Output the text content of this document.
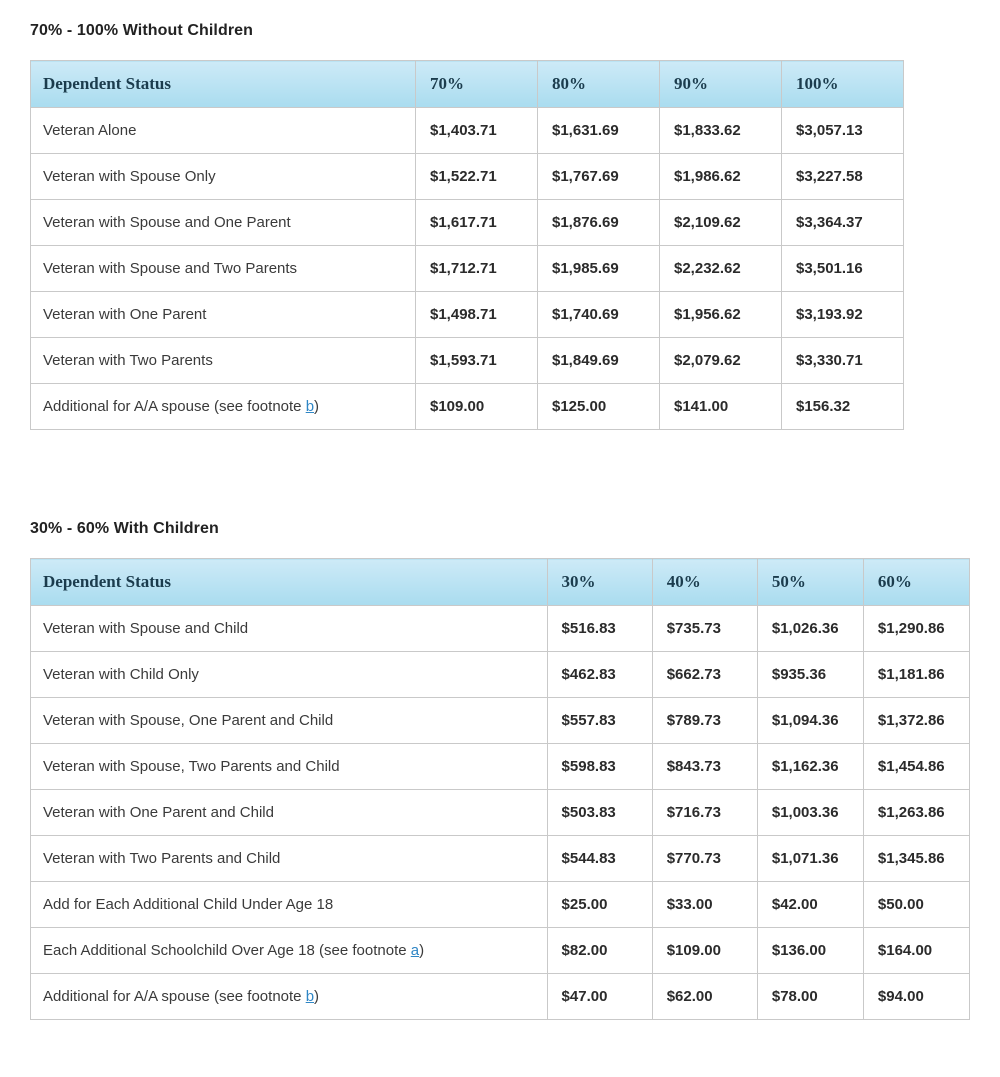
70% - 100% Without Children
Dependent Status	70%	80%	90%	100%
Veteran Alone	$1,403.71	$1,631.69	$1,833.62	$3,057.13
Veteran with Spouse Only	$1,522.71	$1,767.69	$1,986.62	$3,227.58
Veteran with Spouse and One Parent	$1,617.71	$1,876.69	$2,109.62	$3,364.37
Veteran with Spouse and Two Parents	$1,712.71	$1,985.69	$2,232.62	$3,501.16
Veteran with One Parent	$1,498.71	$1,740.69	$1,956.62	$3,193.92
Veteran with Two Parents	$1,593.71	$1,849.69	$2,079.62	$3,330.71
Additional for A/A spouse (see footnote b)	$109.00	$125.00	$141.00	$156.32
30% - 60% With Children
Dependent Status	30%	40%	50%	60%
Veteran with Spouse and Child	$516.83	$735.73	$1,026.36	$1,290.86
Veteran with Child Only	$462.83	$662.73	$935.36	$1,181.86
Veteran with Spouse, One Parent and Child	$557.83	$789.73	$1,094.36	$1,372.86
Veteran with Spouse, Two Parents and Child	$598.83	$843.73	$1,162.36	$1,454.86
Veteran with One Parent and Child	$503.83	$716.73	$1,003.36	$1,263.86
Veteran with Two Parents and Child	$544.83	$770.73	$1,071.36	$1,345.86
Add for Each Additional Child Under Age 18	$25.00	$33.00	$42.00	$50.00
Each Additional Schoolchild Over Age 18 (see footnote a)	$82.00	$109.00	$136.00	$164.00
Additional for A/A spouse (see footnote b)	$47.00	$62.00	$78.00	$94.00
